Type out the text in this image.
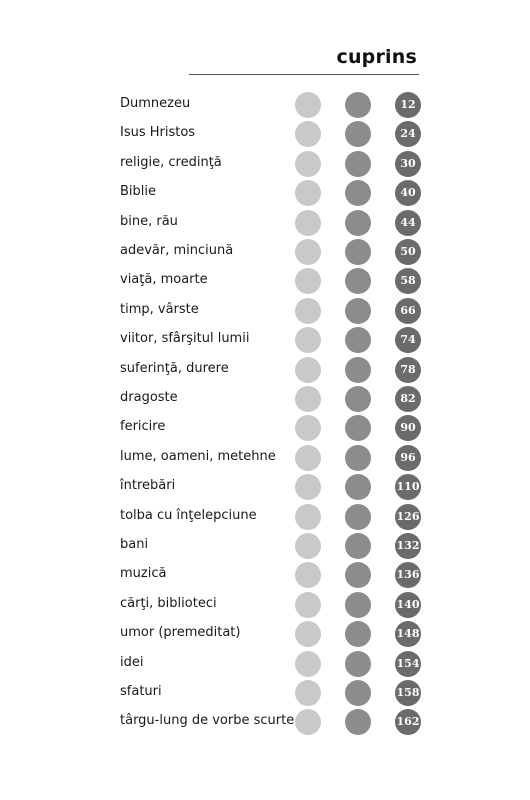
cuprins
Dumnezeu	12
Isus Hristos	24
religie, credinţă	30
Biblie	40
bine, rău	44
adevăr, minciună	50
viaţă, moarte	58
timp, vârste	66
viitor, sfârşitul lumii	74
suferinţă, durere	78
dragoste	82
fericire	90
lume, oameni, metehne	96
întrebări	110
tolba cu înţelepciune	126
bani	132
muzică	136
cărţi, biblioteci	140
umor (premeditat)	148
idei	154
sfaturi	158
târgu-lung de vorbe scurte	162
